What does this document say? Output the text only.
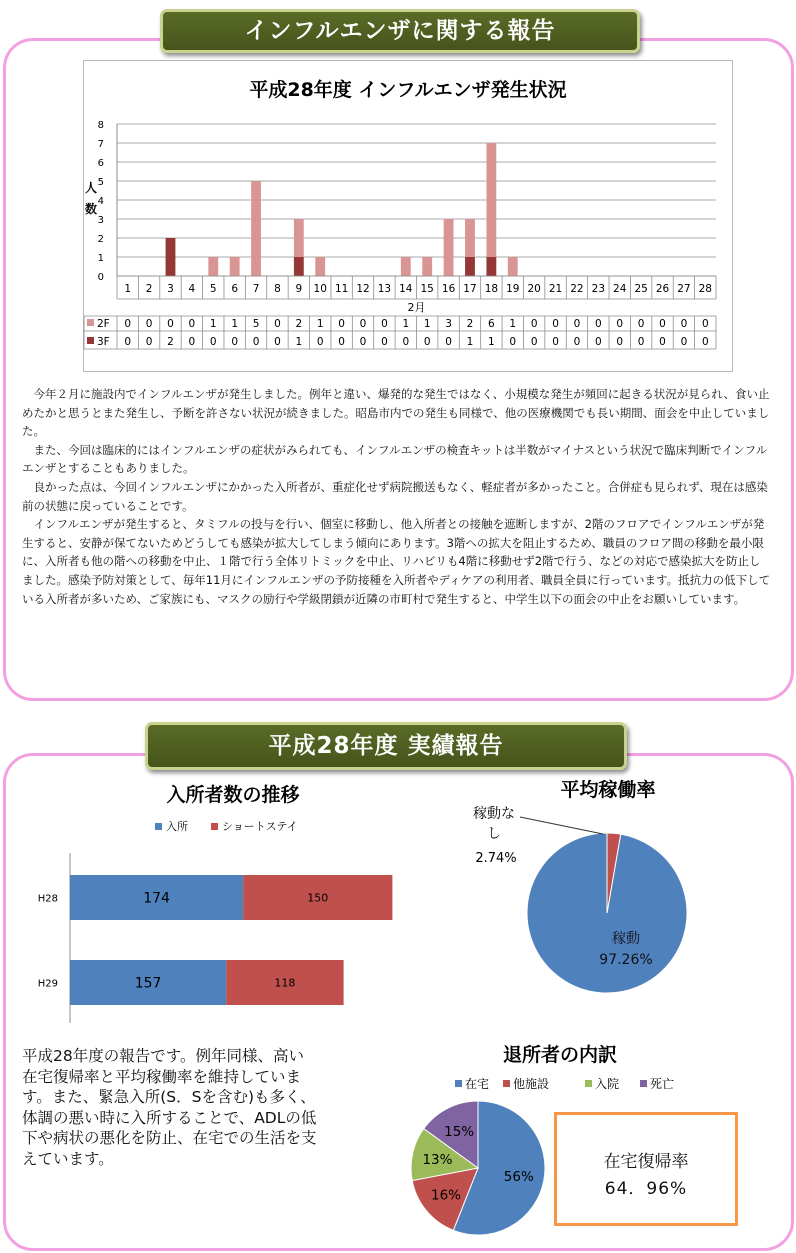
インフルエンザに関する報告
平成28年度 インフルエンザ発生状況
0
1
2
3
4
5
6
7
8
人
数
1 2 3 4 5 6 7 8 9 10 11 12 13 14 15 16 17 18 19 20 21 22 23 24 25 26 27 28
2月
2F 0 0 0 0 1 1 5 0 2 1 0 0 0 1 1 3 2 6 1 0 0 0 0 0 0 0 0 0
3F 0 0 2 0 0 0 0 0 1 0 0 0 0 0 0 0 1 1 0 0 0 0 0 0 0 0 0 0

今年２月に施設内でインフルエンザが発生しました。例年と違い、爆発的な発生ではなく、小規模な発生が頻回に起きる状況が見られ、食い止めたかと思うとまた発生し、予断を許さない状況が続きました。昭島市内での発生も同様で、他の医療機関でも長い期間、面会を中止していました。

また、今回は臨床的にはインフルエンザの症状がみられても、インフルエンザの検査キットは半数がマイナスという状況で臨床判断でインフルエンザとすることもありました。

良かった点は、今回インフルエンザにかかった入所者が、重症化せず病院搬送もなく、軽症者が多かったこと。合併症も見られず、現在は感染前の状態に戻っていることです。

インフルエンザが発生すると、タミフルの投与を行い、個室に移動し、他入所者との接触を遮断しますが、2階のフロアでインフルエンザが発生すると、安静が保てないためどうしても感染が拡大してしまう傾向にあります。3階への拡大を阻止するため、職員のフロア間の移動を最小限に、入所者も他の階への移動を中止、１階で行う全体リトミックを中止、リハビリも4階に移動せず2階で行う、などの対応で感染拡大を防止しました。感染予防対策として、毎年11月にインフルエンザの予防接種を入所者やディケアの利用者、職員全員に行っています。抵抗力の低下している入所者が多いため、ご家族にも、マスクの励行や学級閉鎖が近隣の市町村で発生すると、中学生以下の面会の中止をお願いしています。

平成28年度 実績報告
入所者数の推移
入所	ショートステイ
H28	174	150
H29	157	118
平均稼働率
稼動
97.26%
稼動な
し
2.74%
退所者の内訳
在宅 他施設	入院	死亡
56%
16%
13%
15%
平成28年度の報告です。例年同様、高い在宅復帰率と平均稼働率を維持しています。また、緊急入所(S．Sを含む)も多く、体調の悪い時に入所することで、ADLの低下や病状の悪化を防止、在宅での生活を支えています。	在宅復帰率
64．96%
